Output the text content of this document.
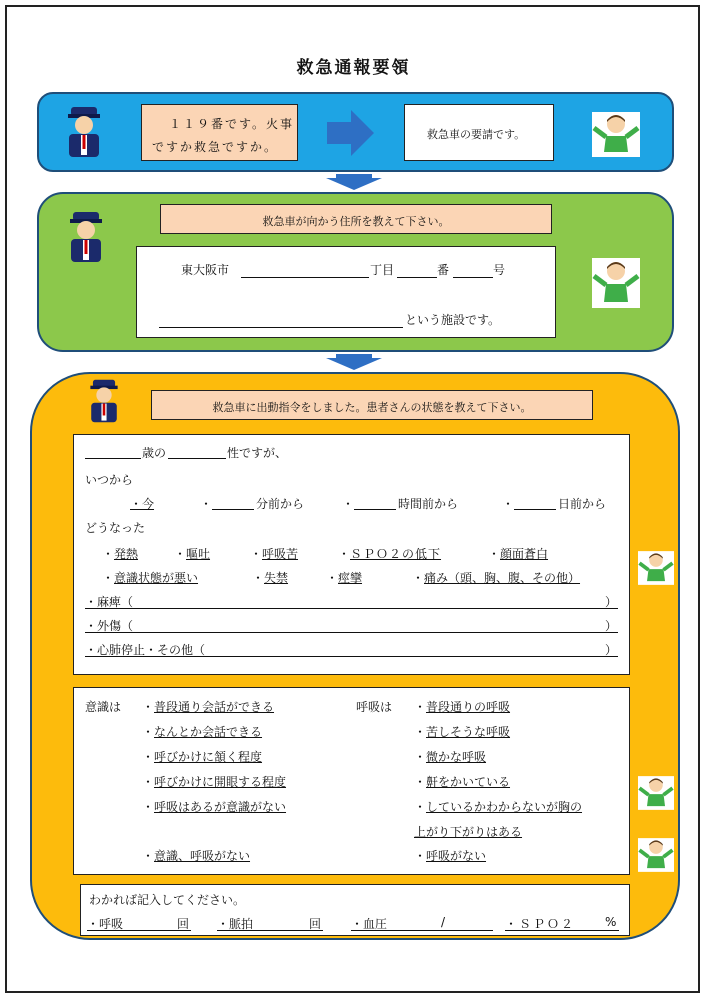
救急通報要領
１１９番です。火事
ですか救急ですか。
救急車の要請です。
救急車が向かう住所を教えて下さい。
東大阪市	丁目	番	号
という施設です。
救急車に出動指令をしました。患者さんの状態を教えて下さい。
歳の	性ですが、
いつから
・今	・	分前から	・	時間前から	・	日前から
どうなった
・ 発熱	・ 嘔吐	・ 呼吸苦	・ ＳＰＯ２の低下	・ 顔面蒼白
・ 意識状態が悪い	・ 失禁	・ 痙攣	・ 痛み（頭、胸、腹、その他）
・ 麻痺（	）
・ 外傷（	）
・ 心肺停止・その他（	）
意識は ・ 普段通り会話ができる
・ なんとか会話できる
・ 呼びかけに頷く程度
・ 呼びかけに開眼する程度
・ 呼吸はあるが意識がない
・ 意識、呼吸がない
呼吸は ・ 普段通りの呼吸
・ 苦しそうな呼吸
・ 微かな呼吸
・ 鼾をかいている
・ しているかわからないが胸の
上がり下がりはある
・ 呼吸がない
わかれば記入してください。
・呼吸	回 ・脈拍	回 ・血圧	/	・ＳＰＯ２ %
